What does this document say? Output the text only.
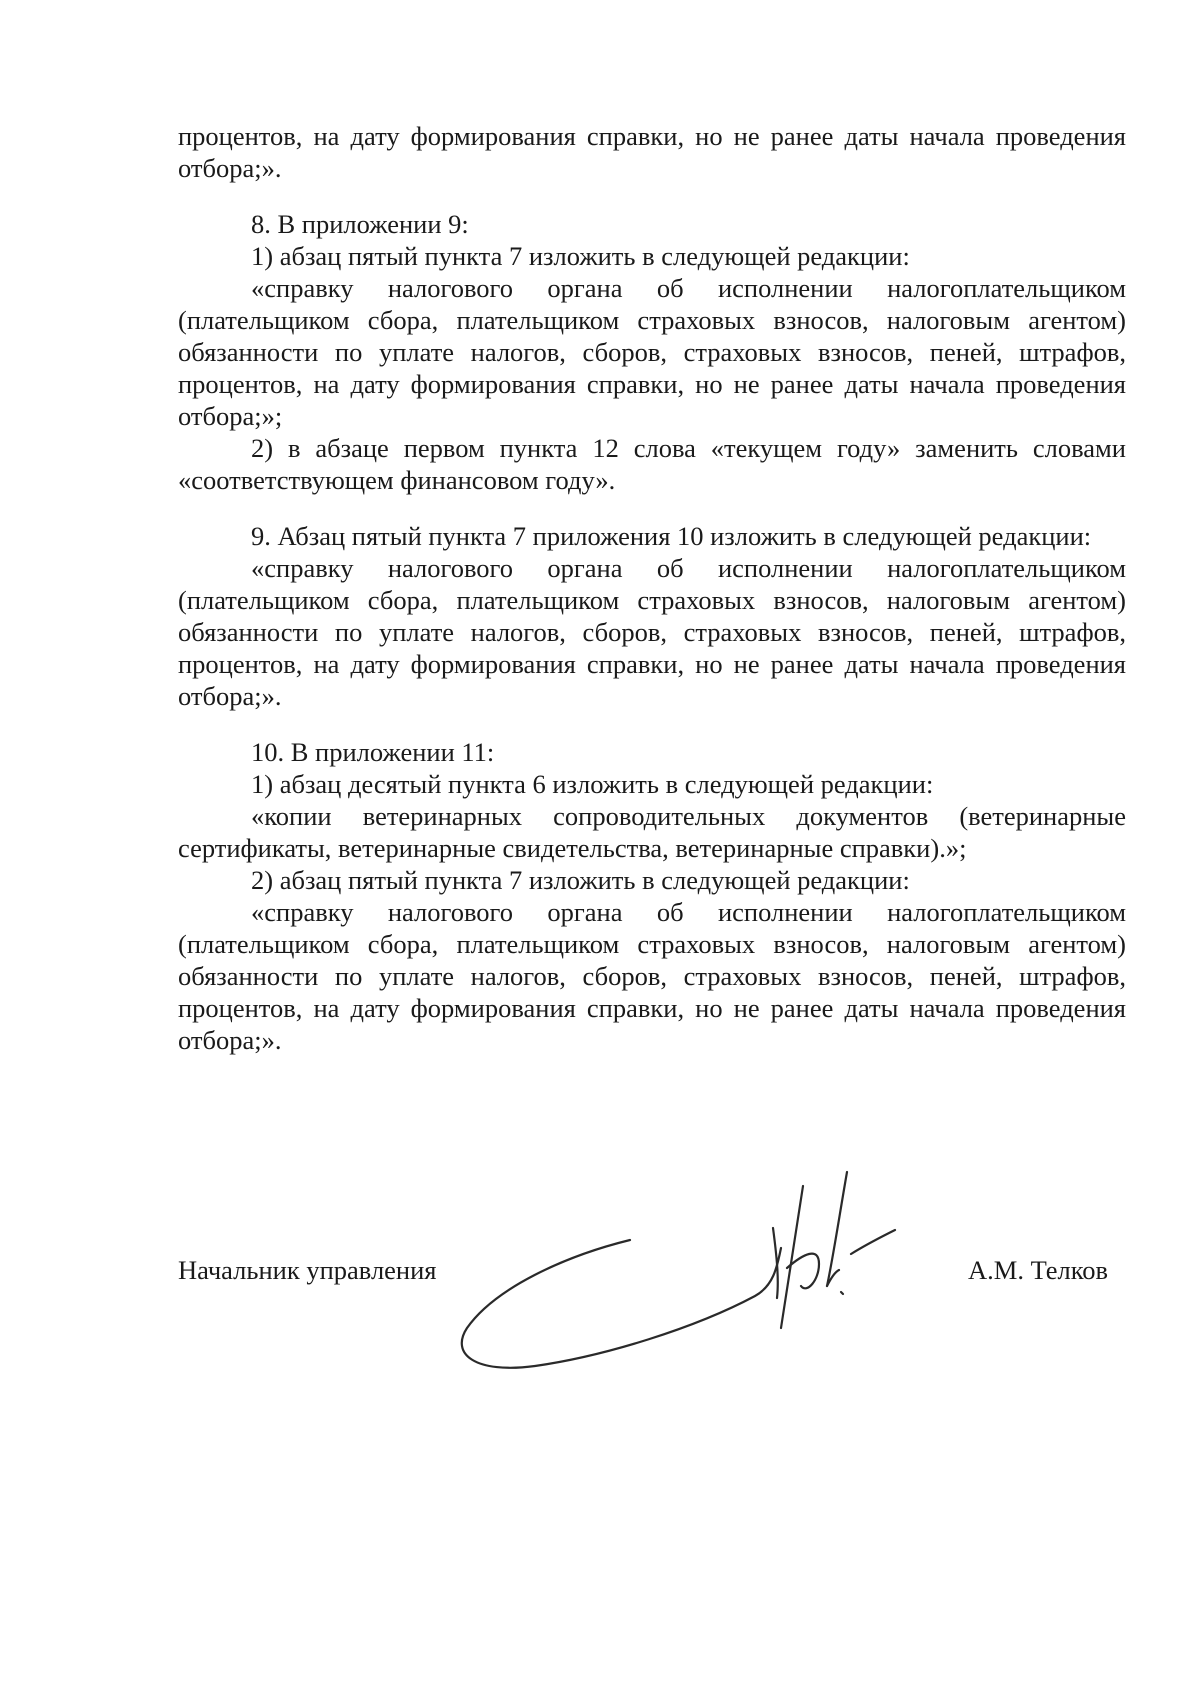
процентов, на дату формирования справки, но не ранее даты начала проведения отбора;».

8. В приложении 9:

1) абзац пятый пункта 7 изложить в следующей редакции:

«справку налогового органа об исполнении налогоплательщиком (плательщиком сбора, плательщиком страховых взносов, налоговым агентом) обязанности по уплате налогов, сборов, страховых взносов, пеней, штрафов, процентов, на дату формирования справки, но не ранее даты начала проведения отбора;»;

2) в абзаце первом пункта 12 слова «текущем году» заменить словами «соответствующем финансовом году».

9. Абзац пятый пункта 7 приложения 10 изложить в следующей редакции:

«справку налогового органа об исполнении налогоплательщиком (плательщиком сбора, плательщиком страховых взносов, налоговым агентом) обязанности по уплате налогов, сборов, страховых взносов, пеней, штрафов, процентов, на дату формирования справки, но не ранее даты начала проведения отбора;».

10. В приложении 11:

1) абзац десятый пункта 6 изложить в следующей редакции:

«копии ветеринарных сопроводительных документов (ветеринарные сертификаты, ветеринарные свидетельства, ветеринарные справки).»;

2) абзац пятый пункта 7 изложить в следующей редакции:

«справку налогового органа об исполнении налогоплательщиком (плательщиком сбора, плательщиком страховых взносов, налоговым агентом) обязанности по уплате налогов, сборов, страховых взносов, пеней, штрафов, процентов, на дату формирования справки, но не ранее даты начала проведения отбора;».

Начальник управления	А.М. Телков
